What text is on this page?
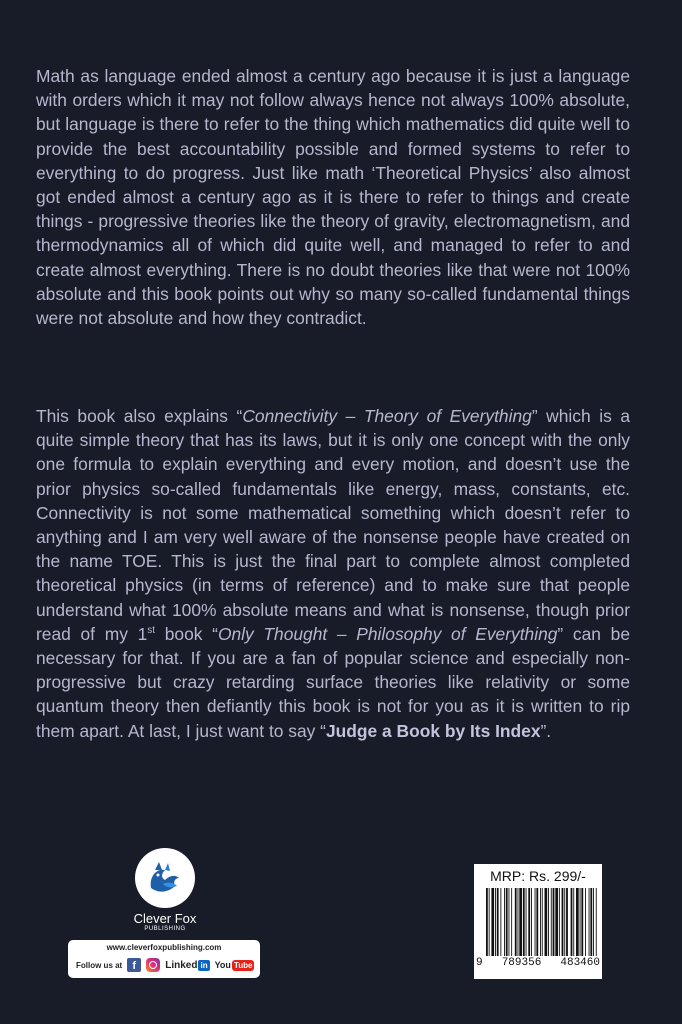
Math as language ended almost a century ago because it is just a language with orders which it may not follow always hence not always 100% absolute, but language is there to refer to the thing which mathematics did quite well to provide the best accountability possible and formed systems to refer to everything to do progress. Just like math ‘Theoretical Physics’ also almost got ended almost a century ago as it is there to refer to things and create things - progressive theories like the theory of gravity, electromagnetism, and thermodynamics all of which did quite well, and managed to refer to and create almost everything. There is no doubt theories like that were not 100% absolute and this book points out why so many so-called fundamental things were not absolute and how they contradict.

This book also explains “Connectivity – Theory of Everything” which is a quite simple theory that has its laws, but it is only one concept with the only one formula to explain everything and every motion, and doesn’t use the prior physics so-called fundamentals like energy, mass, constants, etc. Connectivity is not some mathematical something which doesn’t refer to anything and I am very well aware of the nonsense people have created on the name TOE. This is just the final part to complete almost completed theoretical physics (in terms of reference) and to make sure that people understand what 100% absolute means and what is nonsense, though prior read of my 1st book “Only Thought – Philosophy of Everything” can be necessary for that. If you are a fan of popular science and especially non-progressive but crazy retarding surface theories like relativity or some quantum theory then defiantly this book is not for you as it is written to rip them apart. At last, I just want to say “Judge a Book by Its Index”.

Clever Fox
PUBLISHING
www.cleverfoxpublishing.com
Follow us at f	Linked in You Tube
MRP: Rs. 299/-
9 789356 483460
